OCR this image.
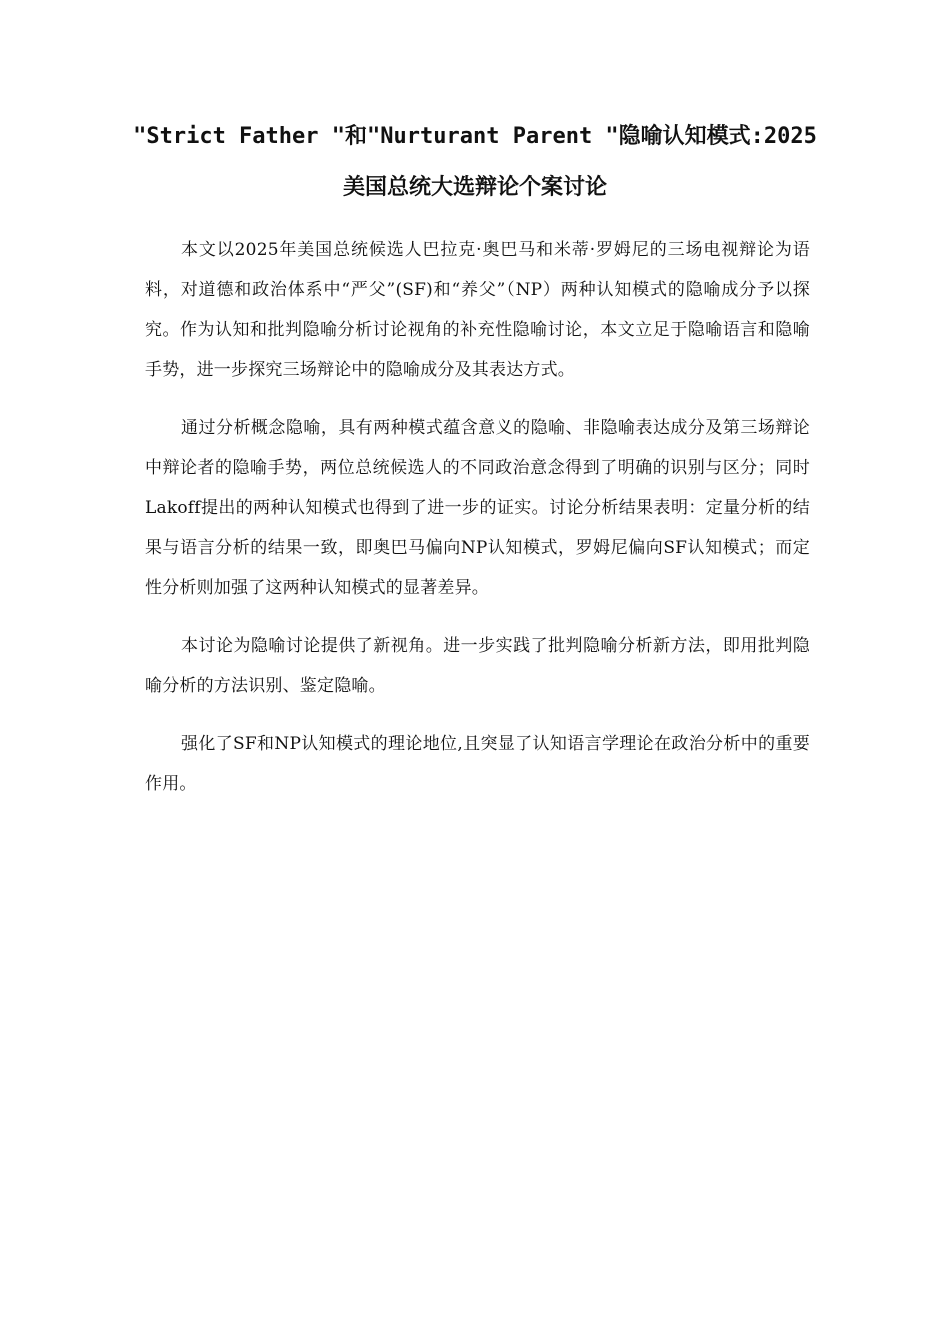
"Strict Father "和"Nurturant Parent "隐喻认知模式:2025
美国总统大选辩论个案讨论

本文以2025年美国总统候选人巴拉克·奥巴马和米蒂·罗姆尼的三场电视辩论为语料，对道德和政治体系中“严父”(SF)和“养父”（NP）两种认知模式的隐喻成分予以探究。作为认知和批判隐喻分析讨论视角的补充性隐喻讨论，本文立足于隐喻语言和隐喻手势，进一步探究三场辩论中的隐喻成分及其表达方式。

通过分析概念隐喻，具有两种模式蕴含意义的隐喻、非隐喻表达成分及第三场辩论中辩论者的隐喻手势，两位总统候选人的不同政治意念得到了明确的识别与区分；同时Lakoff提出的两种认知模式也得到了进一步的证实。讨论分析结果表明：定量分析的结果与语言分析的结果一致，即奥巴马偏向NP认知模式，罗姆尼偏向SF认知模式；而定性分析则加强了这两种认知模式的显著差异。

本讨论为隐喻讨论提供了新视角。进一步实践了批判隐喻分析新方法，即用批判隐喻分析的方法识别、鉴定隐喻。

强化了SF和NP认知模式的理论地位,且突显了认知语言学理论在政治分析中的重要作用。
